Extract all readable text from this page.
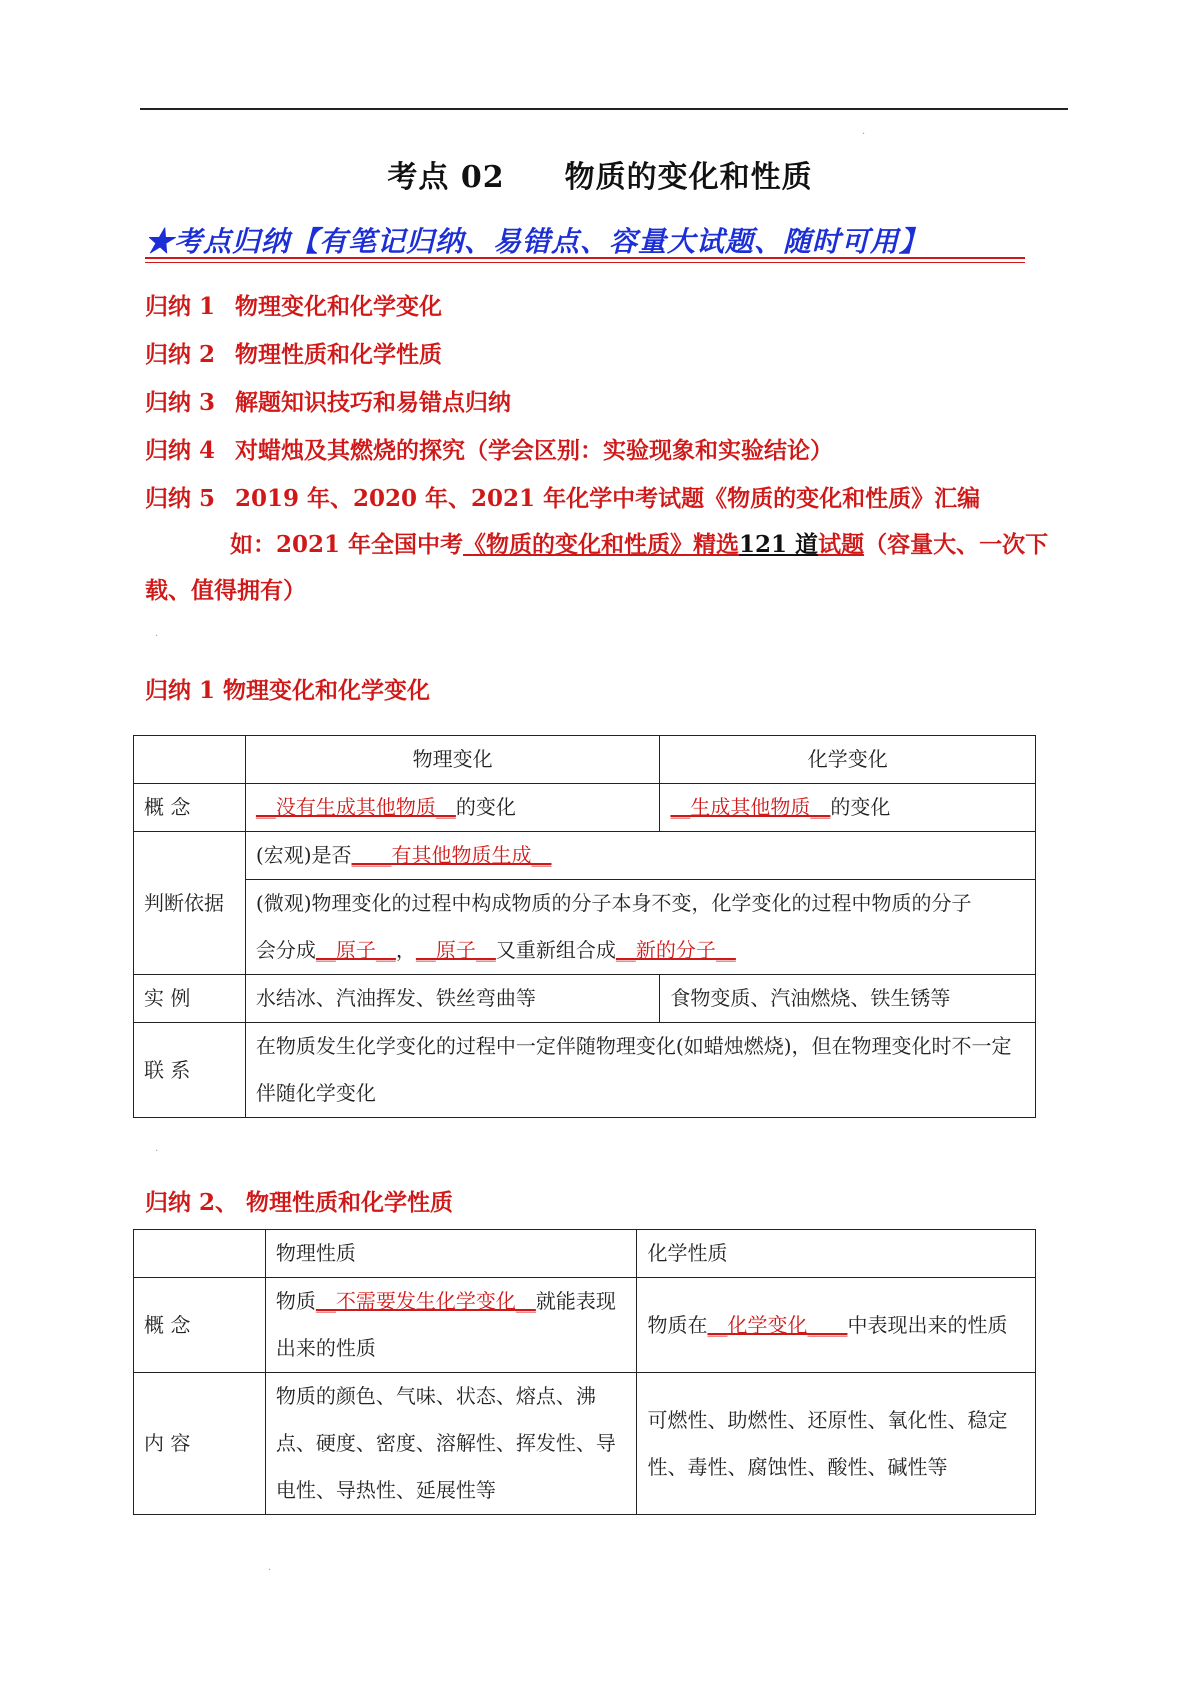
.
考点 02 物质的变化和性质
★考点归纳【有笔记归纳、易错点、容量大试题、随时可用】
归纳 1 物理变化和化学变化
归纳 2 物理性质和化学性质
归纳 3 解题知识技巧和易错点归纳
归纳 4 对蜡烛及其燃烧的探究（学会区别：实验现象和实验结论）
归纳 5 2019 年、2020 年、2021 年化学中考试题《物质的变化和性质》汇编
如：2021 年全国中考《物质的变化和性质》精选121 道试题（容量大、一次下载、值得拥有）
.
归纳 1 物理变化和化学变化
	物理变化	化学变化
概 念	__没有生成其他物质__的变化	__生成其他物质__的变化
判断依据	(宏观)是否____有其他物质生成__	
	(微观)物理变化的过程中构成物质的分子本身不变，化学变化的过程中物质的分子
会分成__原子__，__原子__又重新组合成__新的分子__	
实 例	水结冰、汽油挥发、铁丝弯曲等	食物变质、汽油燃烧、铁生锈等
联 系	在物质发生化学变化的过程中一定伴随物理变化(如蜡烛燃烧)，但在物理变化时不一定伴随化学变化	
.
归纳 2、 物理性质和化学性质
	物理性质	化学性质
概 念	物质__不需要发生化学变化__就能表现出来的性质	物质在__化学变化____中表现出来的性质
内 容	物质的颜色、气味、状态、熔点、沸点、硬度、密度、溶解性、挥发性、导电性、导热性、延展性等	可燃性、助燃性、还原性、氧化性、稳定性、毒性、腐蚀性、酸性、碱性等
.
